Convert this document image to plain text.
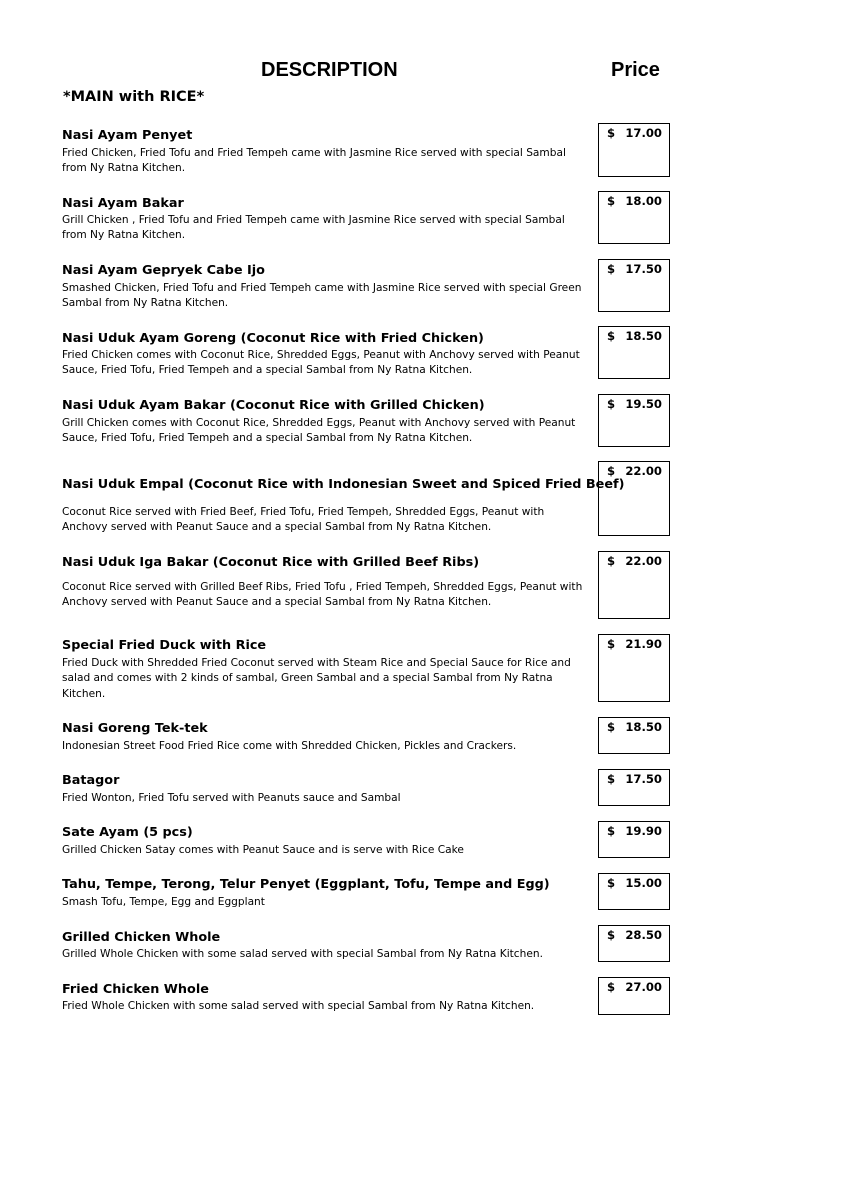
DESCRIPTION	Price
*MAIN with RICE*
Nasi Ayam Penyet
Fried Chicken, Fried Tofu and Fried Tempeh came with Jasmine Rice served with special Sambal from Ny Ratna Kitchen.
$ 17.00
Nasi Ayam Bakar
Grill Chicken , Fried Tofu and Fried Tempeh came with Jasmine Rice served with special Sambal from Ny Ratna Kitchen.
$ 18.00
Nasi Ayam Gepryek Cabe Ijo
Smashed Chicken, Fried Tofu and Fried Tempeh came with Jasmine Rice served with special Green Sambal from Ny Ratna Kitchen.
$ 17.50
Nasi Uduk Ayam Goreng (Coconut Rice with Fried Chicken)
Fried Chicken comes with Coconut Rice, Shredded Eggs, Peanut with Anchovy served with Peanut Sauce, Fried Tofu, Fried Tempeh and a special Sambal from Ny Ratna Kitchen.
$ 18.50
Nasi Uduk Ayam Bakar (Coconut Rice with Grilled Chicken)
Grill Chicken comes with Coconut Rice, Shredded Eggs, Peanut with Anchovy served with Peanut Sauce, Fried Tofu, Fried Tempeh and a special Sambal from Ny Ratna Kitchen.
$ 19.50
Nasi Uduk Empal (Coconut Rice with Indonesian Sweet and Spiced Fried Beef)
Coconut Rice served with Fried Beef, Fried Tofu, Fried Tempeh, Shredded Eggs, Peanut with Anchovy served with Peanut Sauce and a special Sambal from Ny Ratna Kitchen.
$ 22.00
Nasi Uduk Iga Bakar (Coconut Rice with Grilled Beef Ribs)
Coconut Rice served with Grilled Beef Ribs, Fried Tofu , Fried Tempeh, Shredded Eggs, Peanut with Anchovy served with Peanut Sauce and a special Sambal from Ny Ratna Kitchen.
$ 22.00
Special Fried Duck with Rice
Fried Duck with Shredded Fried Coconut served with Steam Rice and Special Sauce for Rice and salad and comes with 2 kinds of sambal, Green Sambal and a special Sambal from Ny Ratna Kitchen.
$ 21.90
Nasi Goreng Tek-tek
Indonesian Street Food Fried Rice come with Shredded Chicken, Pickles and Crackers.
$ 18.50
Batagor
Fried Wonton, Fried Tofu served with Peanuts sauce and Sambal
$ 17.50
Sate Ayam (5 pcs)
Grilled Chicken Satay comes with Peanut Sauce and is serve with Rice Cake
$ 19.90
Tahu, Tempe, Terong, Telur Penyet (Eggplant, Tofu, Tempe and Egg)
Smash Tofu, Tempe, Egg and Eggplant
$ 15.00
Grilled Chicken Whole
Grilled Whole Chicken with some salad served with special Sambal from Ny Ratna Kitchen.
$ 28.50
Fried Chicken Whole
Fried Whole Chicken with some salad served with special Sambal from Ny Ratna Kitchen.
$ 27.00
